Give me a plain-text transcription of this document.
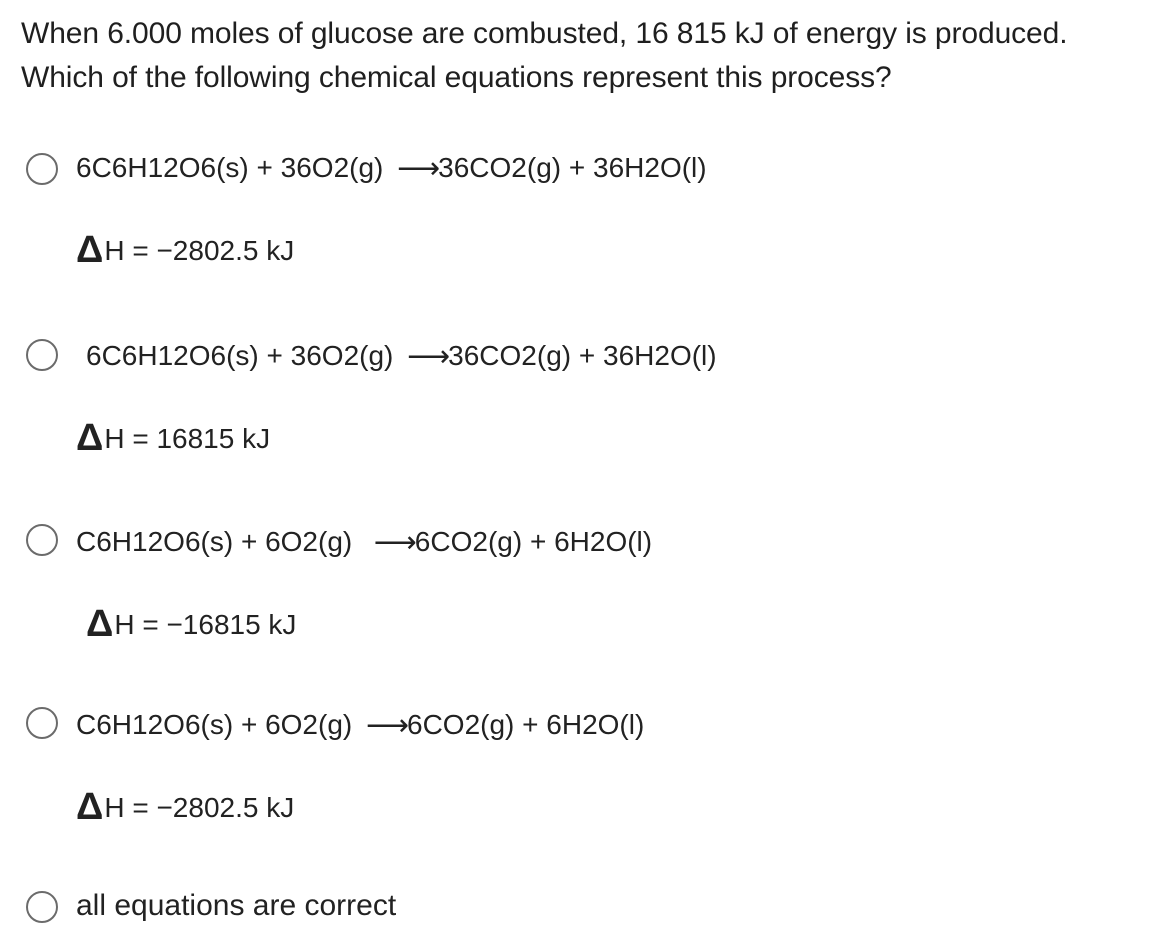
When 6.000 moles of glucose are combusted, 16 815 kJ of energy is produced.
Which of the following chemical equations represent this process?
6C6H12O6(s) + 36O2(g) ⟶36CO2(g) + 36H2O(l)
ΔH = −2802.5 kJ
6C6H12O6(s) + 36O2(g) ⟶36CO2(g) + 36H2O(l)
ΔH = 16815 kJ
C6H12O6(s) + 6O2(g)  ⟶6CO2(g) + 6H2O(l)
ΔH = −16815 kJ
C6H12O6(s) + 6O2(g) ⟶6CO2(g) + 6H2O(l)
ΔH = −2802.5 kJ
all equations are correct
